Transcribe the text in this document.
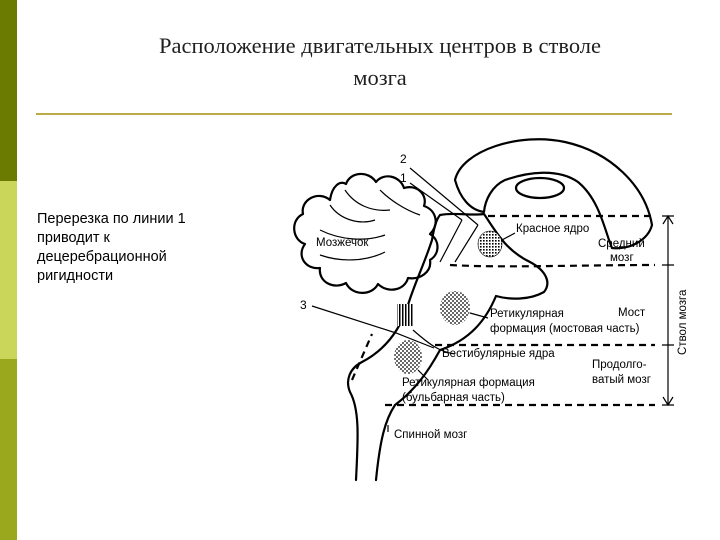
Расположение двигательных центров в стволе
мозга
Перерезка по линии 1
приводит к
децеребрационной
ригидности
2
1
3
Мозжечок
Красное ядро
Ретикулярная
формация (мостовая часть)
Вестибулярные ядра
Ретикулярная формация
(бульбарная часть)
Спинной мозг
Средний
мозг
Мост
Продолго-
ватый мозг
Ствол мозга
